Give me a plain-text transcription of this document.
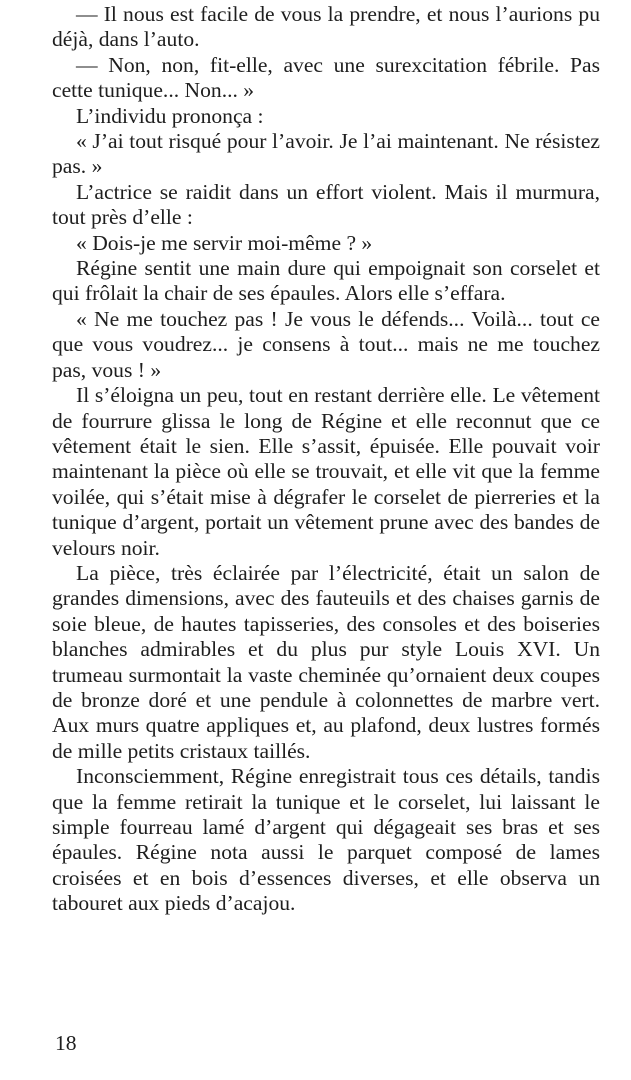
— Il nous est facile de vous la prendre, et nous l’aurions pu déjà, dans l’auto.

— Non, non, fit-elle, avec une surexcitation fébrile. Pas cette tunique... Non... »

L’individu prononça :

« J’ai tout risqué pour l’avoir. Je l’ai maintenant. Ne résistez pas. »

L’actrice se raidit dans un effort violent. Mais il murmura, tout près d’elle :

« Dois-je me servir moi-même ? »

Régine sentit une main dure qui empoignait son corselet et qui frôlait la chair de ses épaules. Alors elle s’effara.

« Ne me touchez pas ! Je vous le défends... Voilà... tout ce que vous voudrez... je consens à tout... mais ne me touchez pas, vous ! »

Il s’éloigna un peu, tout en restant derrière elle. Le vêtement de fourrure glissa le long de Régine et elle reconnut que ce vêtement était le sien. Elle s’assit, épuisée. Elle pouvait voir maintenant la pièce où elle se trouvait, et elle vit que la femme voilée, qui s’était mise à dégrafer le corselet de pierreries et la tunique d’argent, portait un vêtement prune avec des bandes de velours noir.

La pièce, très éclairée par l’électricité, était un salon de grandes dimensions, avec des fauteuils et des chaises garnis de soie bleue, de hautes tapisseries, des consoles et des boiseries blanches admirables et du plus pur style Louis XVI. Un trumeau surmontait la vaste cheminée qu’ornaient deux coupes de bronze doré et une pendule à colonnettes de marbre vert. Aux murs quatre appliques et, au plafond, deux lustres formés de mille petits cristaux taillés.

Inconsciemment, Régine enregistrait tous ces détails, tandis que la femme retirait la tunique et le corselet, lui laissant le simple fourreau lamé d’argent qui dégageait ses bras et ses épaules. Régine nota aussi le parquet composé de lames croisées et en bois d’essences diverses, et elle observa un tabouret aux pieds d’acajou.

18
